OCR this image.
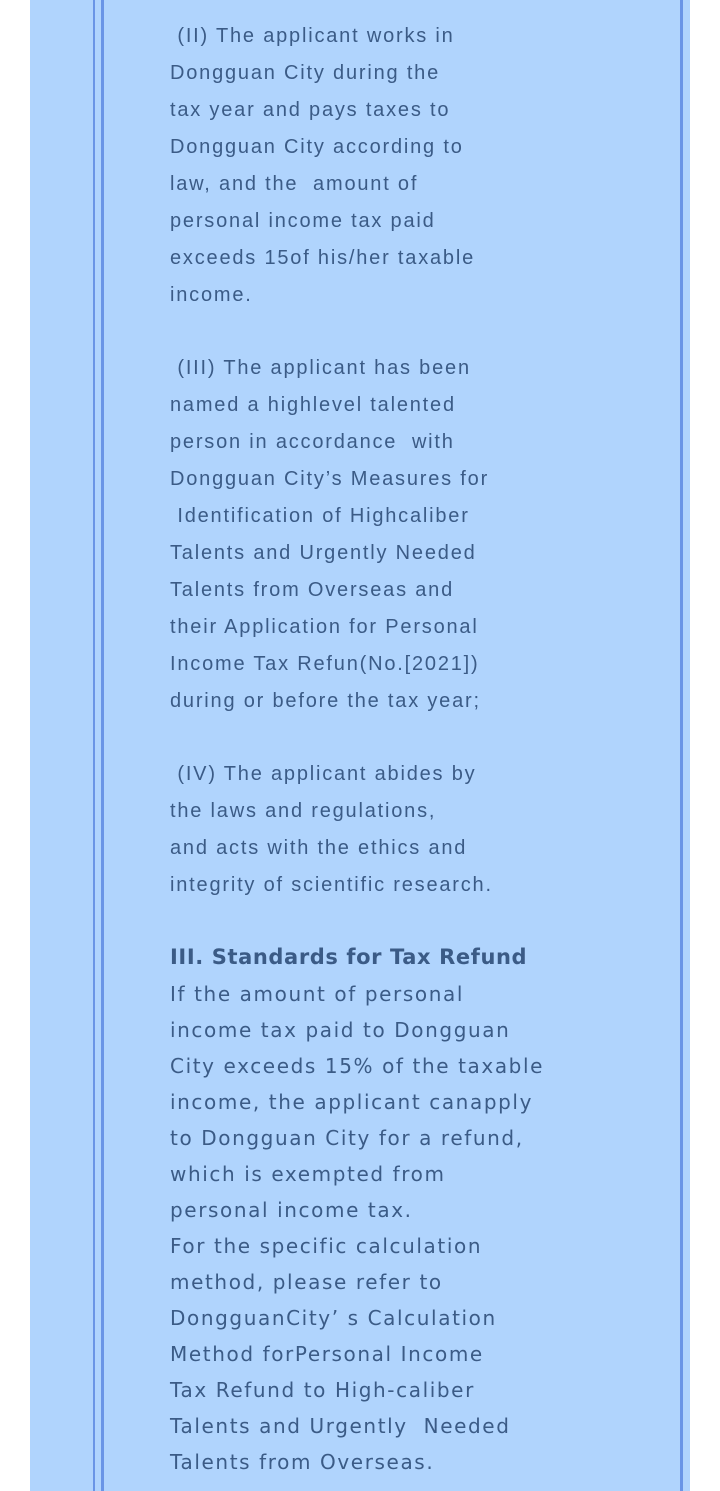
(II) The applicant works in
Dongguan City during the
tax year and pays taxes to
Dongguan City according to
law, and the  amount of
personal income tax paid
exceeds 15of his/her taxable
income.
(III) The applicant has been
named a highlevel talented
person in accordance  with
Dongguan City’s Measures for
Identification of Highcaliber
Talents and Urgently Needed
Talents from Overseas and
their Application for Personal
Income Tax Refun(No.[2021])
during or before the tax year;
(IV) The applicant abides by
the laws and regulations,
and acts with the ethics and
integrity of scientific research.
III. Standards for Tax Refund
If the amount of personal
income tax paid to Dongguan
City exceeds 15% of the taxable
income, the applicant canapply
to Dongguan City for a refund,
which is exempted from
personal income tax.
For the specific calculation
method, please refer to
DongguanCity’ s Calculation
Method forPersonal Income
Tax Refund to High-caliber
Talents and Urgently  Needed
Talents from Overseas.
